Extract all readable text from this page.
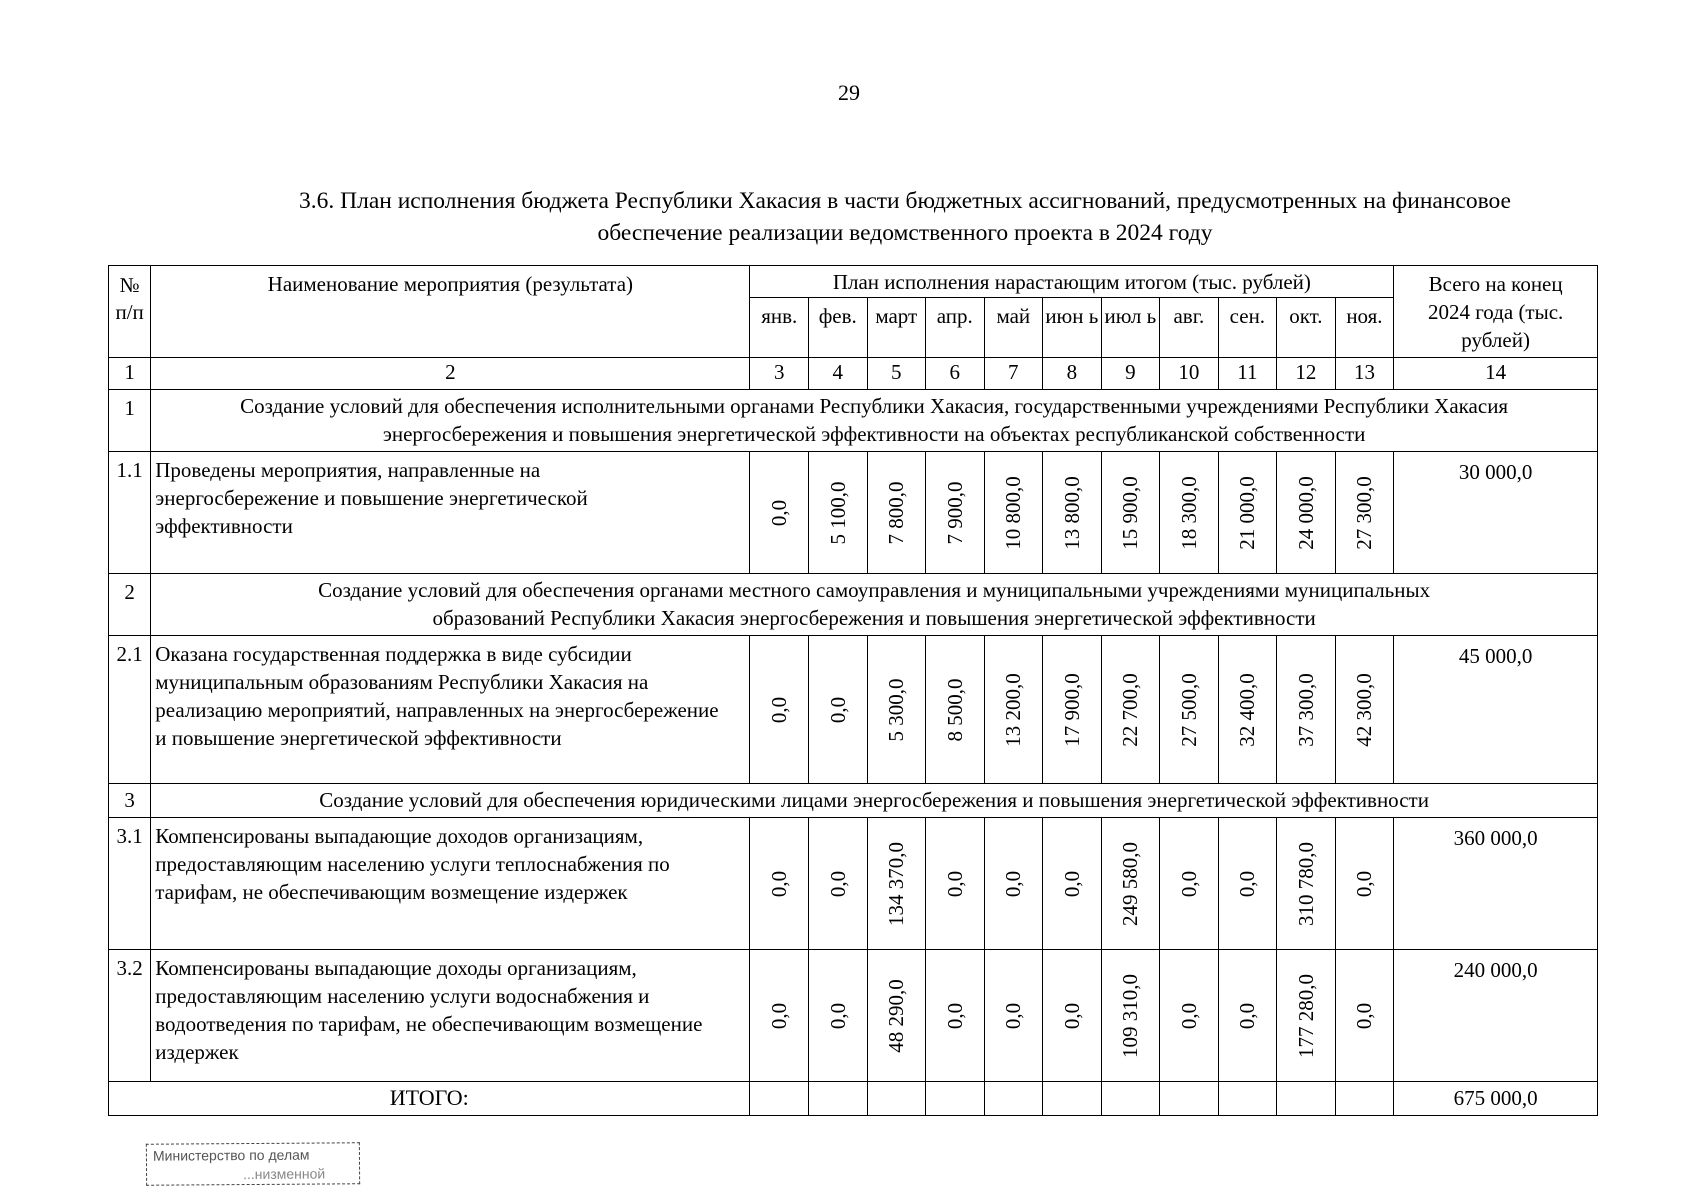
29
3.6. План исполнения бюджета Республики Хакасия в части бюджетных ассигнований, предусмотренных на финансовое
обеспечение реализации ведомственного проекта в 2024 году
№ п/п	Наименование мероприятия (результата)	План исполнения нарастающим итогом (тыс. рублей)											Всего на конец 2024 года (тыс. рублей)
		янв.	фев.	март	апр.	май	июн ь	июл ь	авг.	сен.	окт.	ноя.	
1	2	3	4	5	6	7	8	9	10	11	12	13	14
1	Создание условий для обеспечения исполнительными органами Республики Хакасия, государственными учреждениями Республики Хакасия энергосбережения и повышения энергетической эффективности на объектах республиканской собственности												
1.1	Проведены мероприятия, направленные на энергосбережение и повышение энергетической эффективности	0,0	5 100,0	7 800,0	7 900,0	10 800,0	13 800,0	15 900,0	18 300,0	21 000,0	24 000,0	27 300,0	30 000,0
2	Создание условий для обеспечения органами местного самоуправления и муниципальными учреждениями муниципальных образований Республики Хакасия энергосбережения и повышения энергетической эффективности												
2.1	Оказана государственная поддержка в виде субсидии муниципальным образованиям Республики Хакасия на реализацию мероприятий, направленных на энергосбережение и повышение энергетической эффективности	0,0	0,0	5 300,0	8 500,0	13 200,0	17 900,0	22 700,0	27 500,0	32 400,0	37 300,0	42 300,0	45 000,0
3	Создание условий для обеспечения юридическими лицами энергосбережения и повышения энергетической эффективности												
3.1	Компенсированы выпадающие доходов организациям, предоставляющим населению услуги теплоснабжения по тарифам, не обеспечивающим возмещение издержек	0,0	0,0	134 370,0	0,0	0,0	0,0	249 580,0	0,0	0,0	310 780,0	0,0	360 000,0
3.2	Компенсированы выпадающие доходы организациям, предоставляющим населению услуги водоснабжения и водоотведения по тарифам, не обеспечивающим возмещение издержек	0,0	0,0	48 290,0	0,0	0,0	0,0	109 310,0	0,0	0,0	177 280,0	0,0	240 000,0
ИТОГО:													675 000,0
Министерство по делам
...низменной
